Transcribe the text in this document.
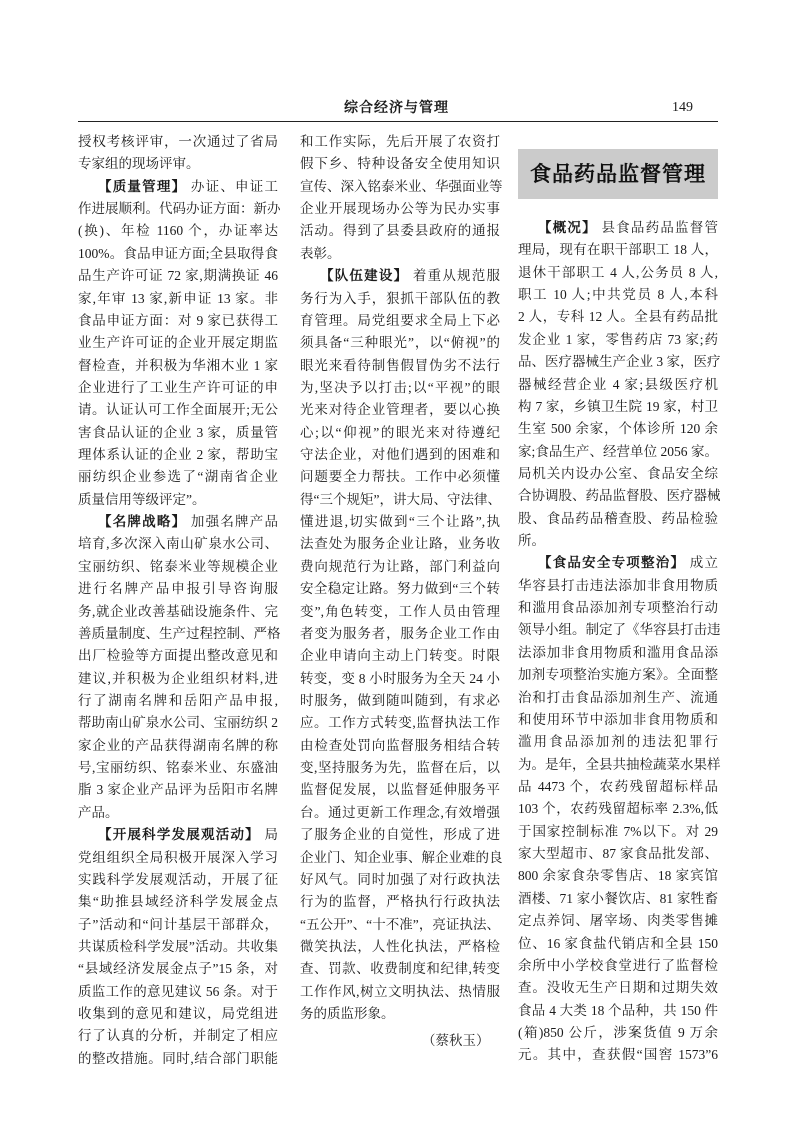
综合经济与管理	149
食品药品监督管理
授权考核评审，一次通过了省局
专家组的现场评审。
【质量管理】 办证、申证工
作进展顺利。代码办证方面：新办
(换)、年检 1160 个，办证率达
100%。食品申证方面;全县取得食
品生产许可证 72 家,期满换证 46
家,年审 13 家,新申证 13 家。非
食品申证方面：对 9 家已获得工
业生产许可证的企业开展定期监
督检查，并积极为华湘木业 1 家
企业进行了工业生产许可证的申
请。认证认可工作全面展开;无公
害食品认证的企业 3 家，质量管
理体系认证的企业 2 家，帮助宝
丽纺织企业参选了“湖南省企业
质量信用等级评定”。
【名牌战略】 加强名牌产品
培育,多次深入南山矿泉水公司、
宝丽纺织、铭泰米业等规模企业
进行名牌产品申报引导咨询服
务,就企业改善基础设施条件、完
善质量制度、生产过程控制、严格
出厂检验等方面提出整改意见和
建议,并积极为企业组织材料,进
行了湖南名牌和岳阳产品申报,
帮助南山矿泉水公司、宝丽纺织 2
家企业的产品获得湖南名牌的称
号,宝丽纺织、铭泰米业、东盛油
脂 3 家企业产品评为岳阳市名牌
产品。
【开展科学发展观活动】 局
党组组织全局积极开展深入学习
实践科学发展观活动，开展了征
集“助推县域经济科学发展金点
子”活动和“问计基层干部群众，
共谋质检科学发展”活动。共收集
“县域经济发展金点子”15 条，对
质监工作的意见建议 56 条。对于
收集到的意见和建议，局党组进
行了认真的分析，并制定了相应
的整改措施。同时,结合部门职能
和工作实际，先后开展了农资打
假下乡、特种设备安全使用知识
宣传、深入铭泰米业、华强面业等
企业开展现场办公等为民办实事
活动。得到了县委县政府的通报
表彰。
【队伍建设】 着重从规范服
务行为入手，狠抓干部队伍的教
育管理。局党组要求全局上下必
须具备“三种眼光”，以“俯视”的
眼光来看待制售假冒伪劣不法行
为,坚决予以打击;以“平视”的眼
光来对待企业管理者，要以心换
心;以“仰视”的眼光来对待遵纪
守法企业，对他们遇到的困难和
问题要全力帮扶。工作中必须懂
得“三个规矩”，讲大局、守法律、
懂进退,切实做到“三个让路”,执
法查处为服务企业让路，业务收
费向规范行为让路，部门利益向
安全稳定让路。努力做到“三个转
变”,角色转变，工作人员由管理
者变为服务者，服务企业工作由
企业申请向主动上门转变。时限
转变，变 8 小时服务为全天 24 小
时服务，做到随叫随到，有求必
应。工作方式转变,监督执法工作
由检查处罚向监督服务相结合转
变,坚持服务为先，监督在后，以
监督促发展，以监督延伸服务平
台。通过更新工作理念,有效增强
了服务企业的自觉性，形成了进
企业门、知企业事、解企业难的良
好风气。同时加强了对行政执法
行为的监督，严格执行行政执法
“五公开”、“十不准”，亮证执法、
微笑执法，人性化执法，严格检
查、罚款、收费制度和纪律,转变
工作作风,树立文明执法、热情服
务的质监形象。
【概况】 县食品药品监督管
理局，现有在职干部职工 18 人，
退休干部职工 4 人,公务员 8 人,
职工 10 人;中共党员 8 人,本科
2 人，专科 12 人。全县有药品批
发企业 1 家，零售药店 73 家;药
品、医疗器械生产企业 3 家，医疗
器械经营企业 4 家;县级医疗机
构 7 家，乡镇卫生院 19 家，村卫
生室 500 余家，个体诊所 120 余
家;食品生产、经营单位 2056 家。
局机关内设办公室、食品安全综
合协调股、药品监督股、医疗器械
股、食品药品稽查股、药品检验
所。
【食品安全专项整治】 成立
华容县打击违法添加非食用物质
和滥用食品添加剂专项整治行动
领导小组。制定了《华容县打击违
法添加非食用物质和滥用食品添
加剂专项整治实施方案》。全面整
治和打击食品添加剂生产、流通
和使用环节中添加非食用物质和
滥用食品添加剂的违法犯罪行
为。是年，全县共抽检蔬菜水果样
品 4473 个，农药残留超标样品
103 个，农药残留超标率 2.3%,低
于国家控制标准 7%以下。对 29
家大型超市、87 家食品批发部、
800 余家食杂零售店、18 家宾馆
酒楼、71 家小餐饮店、81 家牲畜
定点养饲、屠宰场、肉类零售摊
位、16 家食盐代销店和全县 150
余所中小学校食堂进行了监督检
查。没收无生产日期和过期失效
食品 4 大类 18 个品种，共 150 件
(箱)850 公斤，涉案货值 9 万余
元。其中，查获假“国窖 1573”6
（蔡秋玉）
